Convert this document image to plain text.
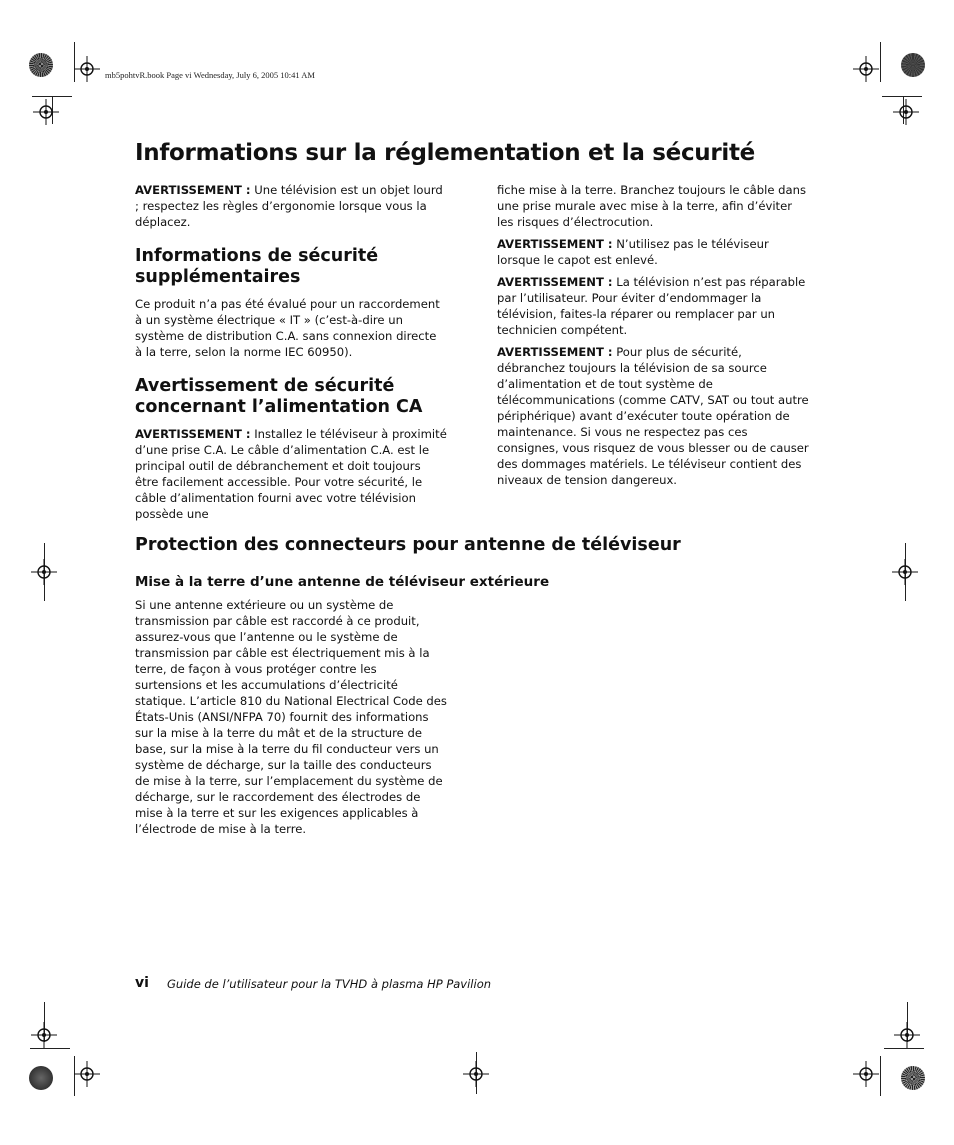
mb5pohtvR.book Page vi Wednesday, July 6, 2005 10:41 AM
Informations sur la réglementation et la sécurité

AVERTISSEMENT : Une télévision est un objet lourd ; respectez les règles d’ergonomie lorsque vous la déplacez.

Informations de sécurité supplémentaires

Ce produit n’a pas été évalué pour un raccordement à un système électrique « IT » (c’est-à-dire un système de distribution C.A. sans connexion directe à la terre, selon la norme IEC 60950).

Avertissement de sécurité concernant l’alimentation CA

AVERTISSEMENT : Installez le téléviseur à proximité d’une prise C.A. Le câble d’alimentation C.A. est le principal outil de débranchement et doit toujours être facilement accessible. Pour votre sécurité, le câble d’alimentation fourni avec votre télévision possède une

fiche mise à la terre. Branchez toujours le câble dans une prise murale avec mise à la terre, afin d’éviter les risques d’électrocution.

AVERTISSEMENT : N’utilisez pas le téléviseur lorsque le capot est enlevé.

AVERTISSEMENT : La télévision n’est pas réparable par l’utilisateur. Pour éviter d’endommager la télévision, faites-la réparer ou remplacer par un technicien compétent.

AVERTISSEMENT : Pour plus de sécurité, débranchez toujours la télévision de sa source d’alimentation et de tout système de télécommunications (comme CATV, SAT ou tout autre périphérique) avant d’exécuter toute opération de maintenance. Si vous ne respectez pas ces consignes, vous risquez de vous blesser ou de causer des dommages matériels. Le téléviseur contient des niveaux de tension dangereux.

Protection des connecteurs pour antenne de téléviseur
Mise à la terre d’une antenne de téléviseur extérieure
Si une antenne extérieure ou un système de transmission par câble est raccordé à ce produit, assurez-vous que l’antenne ou le système de transmission par câble est électriquement mis à la terre, de façon à vous protéger contre les surtensions et les accumulations d’électricité statique. L’article 810 du National Electrical Code des États-Unis (ANSI/NFPA 70) fournit des informations sur la mise à la terre du mât et de la structure de base, sur la mise à la terre du fil conducteur vers un système de décharge, sur la taille des conducteurs de mise à la terre, sur l’emplacement du système de décharge, sur le raccordement des électrodes de mise à la terre et sur les exigences applicables à l’électrode de mise à la terre.
vi Guide de l’utilisateur pour la TVHD à plasma HP Pavilion
